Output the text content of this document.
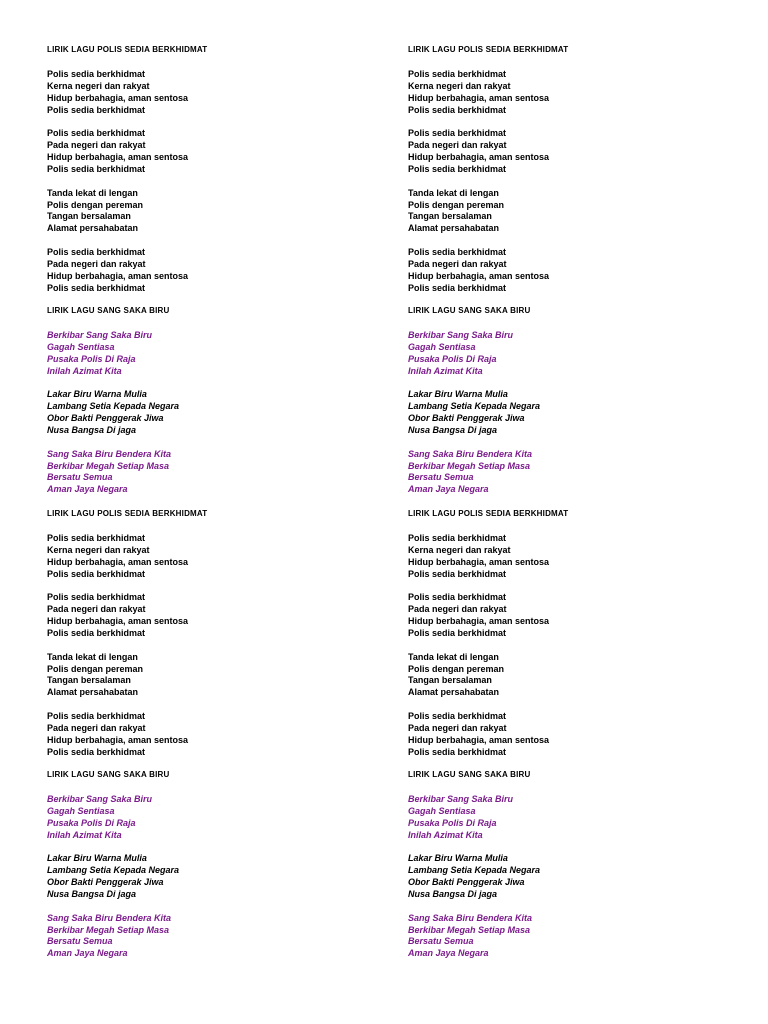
LIRIK LAGU POLIS SEDIA BERKHIDMAT
Polis sedia berkhidmat
Kerna negeri dan rakyat
Hidup berbahagia, aman sentosa
Polis sedia berkhidmat
Polis sedia berkhidmat
Pada negeri dan rakyat
Hidup berbahagia, aman sentosa
Polis sedia berkhidmat
Tanda lekat di lengan
Polis dengan pereman
Tangan bersalaman
Alamat persahabatan
Polis sedia berkhidmat
Pada negeri dan rakyat
Hidup berbahagia, aman sentosa
Polis sedia berkhidmat
LIRIK LAGU SANG SAKA BIRU
Berkibar Sang Saka Biru
Gagah Sentiasa
Pusaka Polis Di Raja
Inilah Azimat Kita
Lakar Biru Warna Mulia
Lambang Setia Kepada Negara
Obor Bakti Penggerak Jiwa
Nusa Bangsa Di jaga
Sang Saka Biru Bendera Kita
Berkibar Megah Setiap Masa
Bersatu Semua
Aman Jaya Negara
LIRIK LAGU POLIS SEDIA BERKHIDMAT
Polis sedia berkhidmat
Kerna negeri dan rakyat
Hidup berbahagia, aman sentosa
Polis sedia berkhidmat
Polis sedia berkhidmat
Pada negeri dan rakyat
Hidup berbahagia, aman sentosa
Polis sedia berkhidmat
Tanda lekat di lengan
Polis dengan pereman
Tangan bersalaman
Alamat persahabatan
Polis sedia berkhidmat
Pada negeri dan rakyat
Hidup berbahagia, aman sentosa
Polis sedia berkhidmat
LIRIK LAGU SANG SAKA BIRU
Berkibar Sang Saka Biru
Gagah Sentiasa
Pusaka Polis Di Raja
Inilah Azimat Kita
Lakar Biru Warna Mulia
Lambang Setia Kepada Negara
Obor Bakti Penggerak Jiwa
Nusa Bangsa Di jaga
Sang Saka Biru Bendera Kita
Berkibar Megah Setiap Masa
Bersatu Semua
Aman Jaya Negara
LIRIK LAGU POLIS SEDIA BERKHIDMAT
Polis sedia berkhidmat
Kerna negeri dan rakyat
Hidup berbahagia, aman sentosa
Polis sedia berkhidmat
Polis sedia berkhidmat
Pada negeri dan rakyat
Hidup berbahagia, aman sentosa
Polis sedia berkhidmat
Tanda lekat di lengan
Polis dengan pereman
Tangan bersalaman
Alamat persahabatan
Polis sedia berkhidmat
Pada negeri dan rakyat
Hidup berbahagia, aman sentosa
Polis sedia berkhidmat
LIRIK LAGU SANG SAKA BIRU
Berkibar Sang Saka Biru
Gagah Sentiasa
Pusaka Polis Di Raja
Inilah Azimat Kita
Lakar Biru Warna Mulia
Lambang Setia Kepada Negara
Obor Bakti Penggerak Jiwa
Nusa Bangsa Di jaga
Sang Saka Biru Bendera Kita
Berkibar Megah Setiap Masa
Bersatu Semua
Aman Jaya Negara
LIRIK LAGU POLIS SEDIA BERKHIDMAT
Polis sedia berkhidmat
Kerna negeri dan rakyat
Hidup berbahagia, aman sentosa
Polis sedia berkhidmat
Polis sedia berkhidmat
Pada negeri dan rakyat
Hidup berbahagia, aman sentosa
Polis sedia berkhidmat
Tanda lekat di lengan
Polis dengan pereman
Tangan bersalaman
Alamat persahabatan
Polis sedia berkhidmat
Pada negeri dan rakyat
Hidup berbahagia, aman sentosa
Polis sedia berkhidmat
LIRIK LAGU SANG SAKA BIRU
Berkibar Sang Saka Biru
Gagah Sentiasa
Pusaka Polis Di Raja
Inilah Azimat Kita
Lakar Biru Warna Mulia
Lambang Setia Kepada Negara
Obor Bakti Penggerak Jiwa
Nusa Bangsa Di jaga
Sang Saka Biru Bendera Kita
Berkibar Megah Setiap Masa
Bersatu Semua
Aman Jaya Negara
